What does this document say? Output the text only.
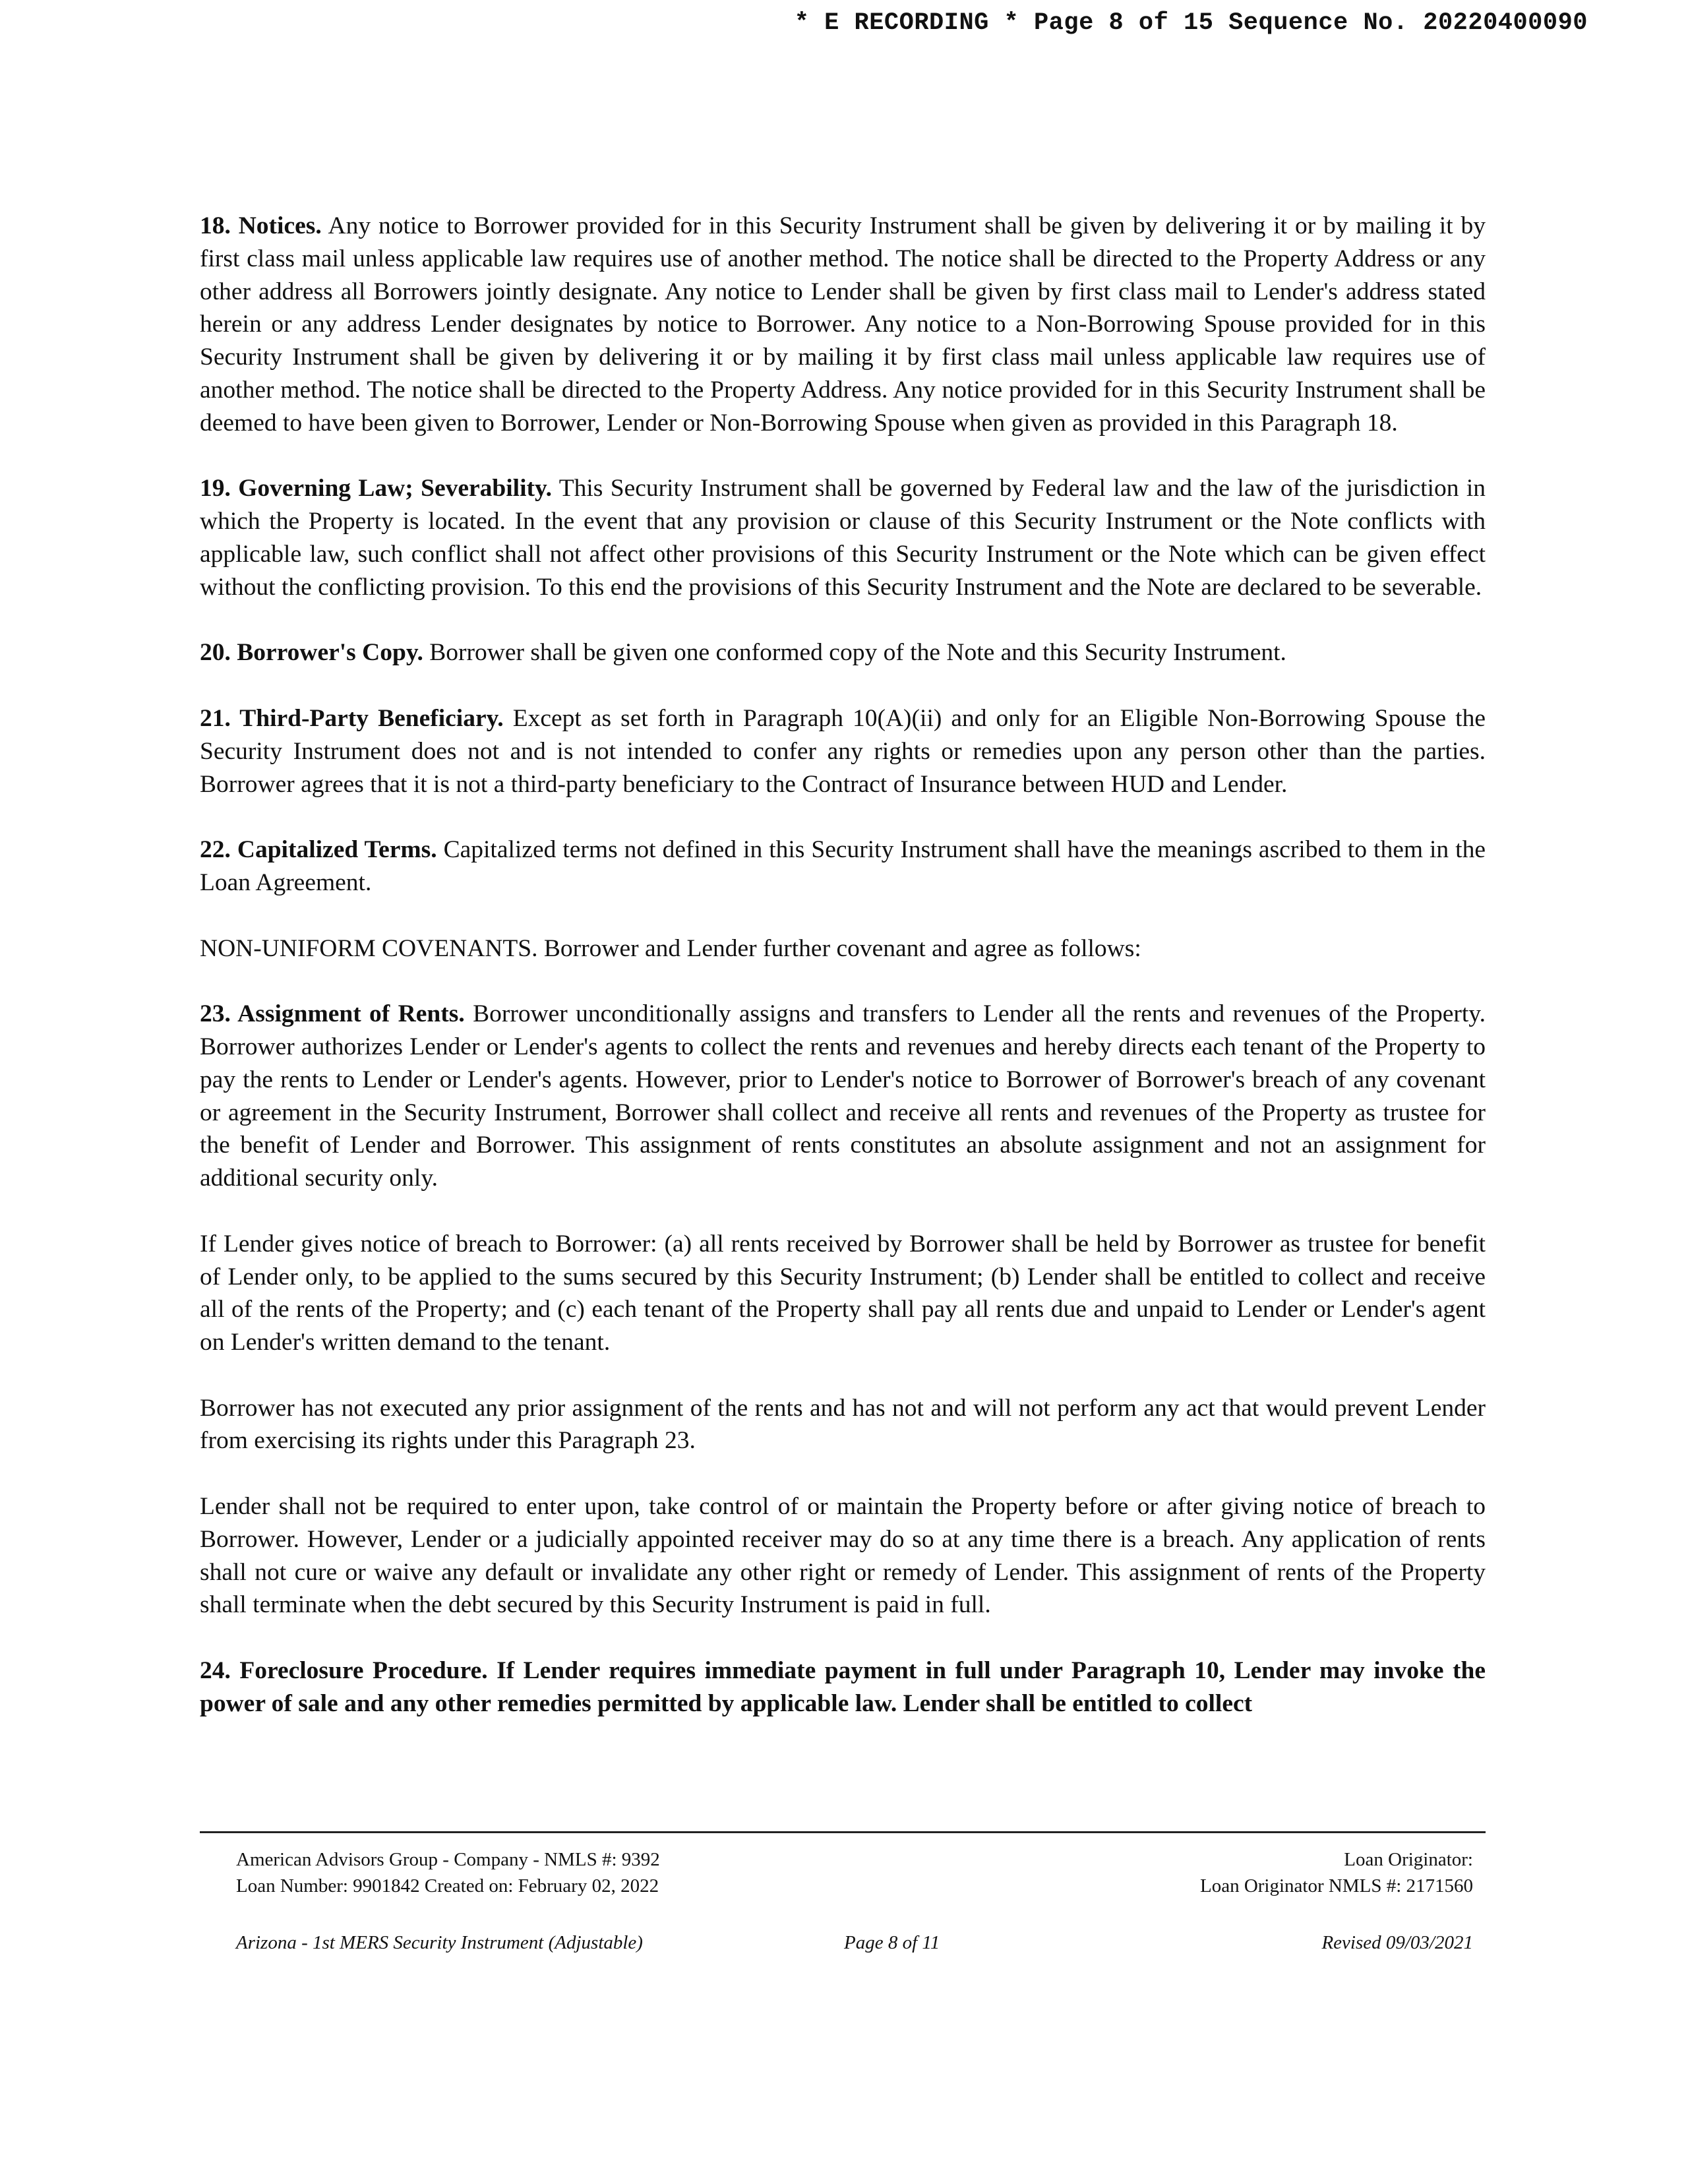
* E RECORDING * Page 8 of 15 Sequence No. 20220400090

18. Notices. Any notice to Borrower provided for in this Security Instrument shall be given by delivering it or by mailing it by first class mail unless applicable law requires use of another method. The notice shall be directed to the Property Address or any other address all Borrowers jointly designate. Any notice to Lender shall be given by first class mail to Lender's address stated herein or any address Lender designates by notice to Borrower. Any notice to a Non-Borrowing Spouse provided for in this Security Instrument shall be given by delivering it or by mailing it by first class mail unless applicable law requires use of another method. The notice shall be directed to the Property Address. Any notice provided for in this Security Instrument shall be deemed to have been given to Borrower, Lender or Non-Borrowing Spouse when given as provided in this Paragraph 18.

19. Governing Law; Severability. This Security Instrument shall be governed by Federal law and the law of the jurisdiction in which the Property is located. In the event that any provision or clause of this Security Instrument or the Note conflicts with applicable law, such conflict shall not affect other provisions of this Security Instrument or the Note which can be given effect without the conflicting provision. To this end the provisions of this Security Instrument and the Note are declared to be severable.

20. Borrower's Copy. Borrower shall be given one conformed copy of the Note and this Security Instrument.

21. Third-Party Beneficiary. Except as set forth in Paragraph 10(A)(ii) and only for an Eligible Non-Borrowing Spouse the Security Instrument does not and is not intended to confer any rights or remedies upon any person other than the parties. Borrower agrees that it is not a third-party beneficiary to the Contract of Insurance between HUD and Lender.

22. Capitalized Terms. Capitalized terms not defined in this Security Instrument shall have the meanings ascribed to them in the Loan Agreement.

NON-UNIFORM COVENANTS. Borrower and Lender further covenant and agree as follows:

23. Assignment of Rents. Borrower unconditionally assigns and transfers to Lender all the rents and revenues of the Property. Borrower authorizes Lender or Lender's agents to collect the rents and revenues and hereby directs each tenant of the Property to pay the rents to Lender or Lender's agents. However, prior to Lender's notice to Borrower of Borrower's breach of any covenant or agreement in the Security Instrument, Borrower shall collect and receive all rents and revenues of the Property as trustee for the benefit of Lender and Borrower. This assignment of rents constitutes an absolute assignment and not an assignment for additional security only.

If Lender gives notice of breach to Borrower: (a) all rents received by Borrower shall be held by Borrower as trustee for benefit of Lender only, to be applied to the sums secured by this Security Instrument; (b) Lender shall be entitled to collect and receive all of the rents of the Property; and (c) each tenant of the Property shall pay all rents due and unpaid to Lender or Lender's agent on Lender's written demand to the tenant.

Borrower has not executed any prior assignment of the rents and has not and will not perform any act that would prevent Lender from exercising its rights under this Paragraph 23.

Lender shall not be required to enter upon, take control of or maintain the Property before or after giving notice of breach to Borrower. However, Lender or a judicially appointed receiver may do so at any time there is a breach. Any application of rents shall not cure or waive any default or invalidate any other right or remedy of Lender. This assignment of rents of the Property shall terminate when the debt secured by this Security Instrument is paid in full.

24. Foreclosure Procedure. If Lender requires immediate payment in full under Paragraph 10, Lender may invoke the power of sale and any other remedies permitted by applicable law. Lender shall be entitled to collect

American Advisors Group - Company - NMLS #: 9392
Loan Number: 9901842 Created on: February 02, 2022
Loan Originator:
Loan Originator NMLS #: 2171560
Arizona - 1st MERS Security Instrument (Adjustable)	Page 8 of 11	Revised 09/03/2021
